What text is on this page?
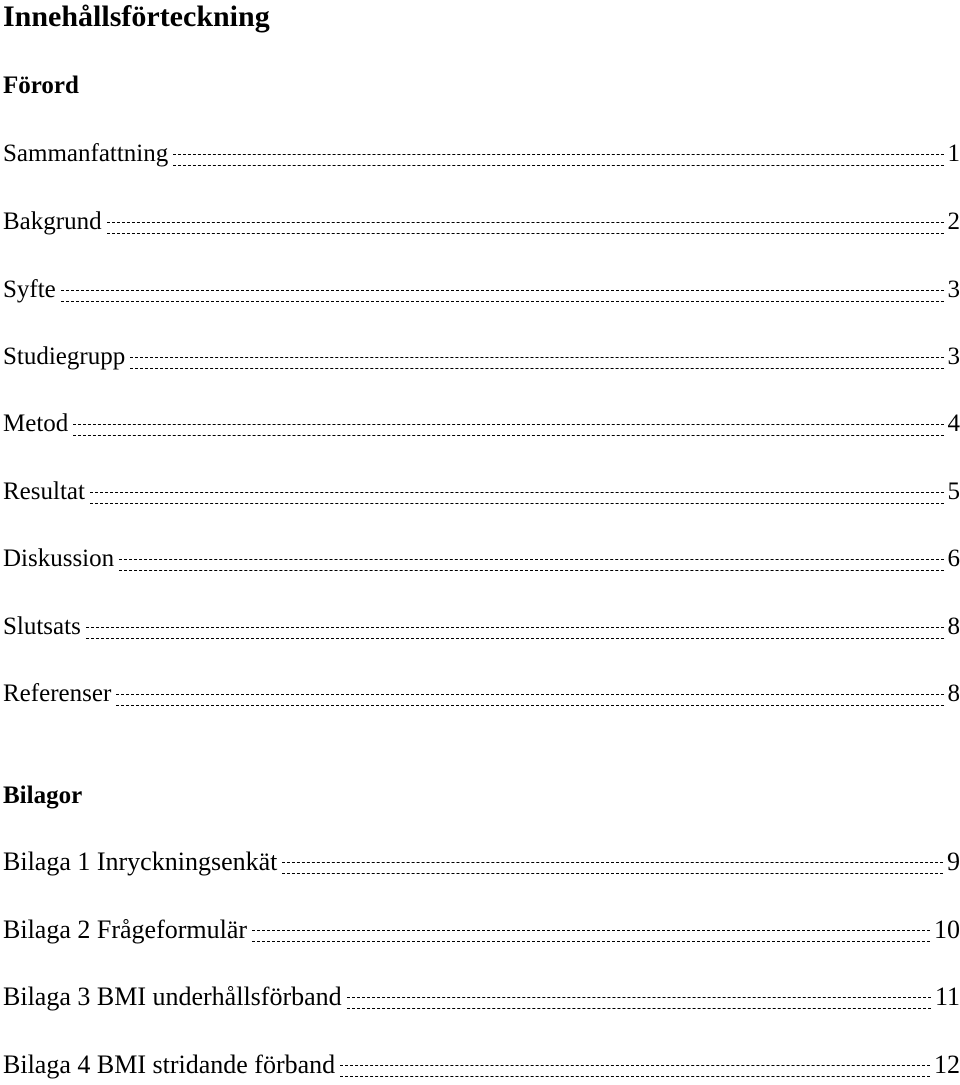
Innehållsförteckning
Förord
Sammanfattning	1
Bakgrund	2
Syfte	3
Studiegrupp	3
Metod	4
Resultat	5
Diskussion	6
Slutsats	8
Referenser	8
Bilagor
Bilaga 1 Inryckningsenkät	9
Bilaga 2 Frågeformulär	10
Bilaga 3 BMI underhållsförband	11
Bilaga 4 BMI stridande förband	12
